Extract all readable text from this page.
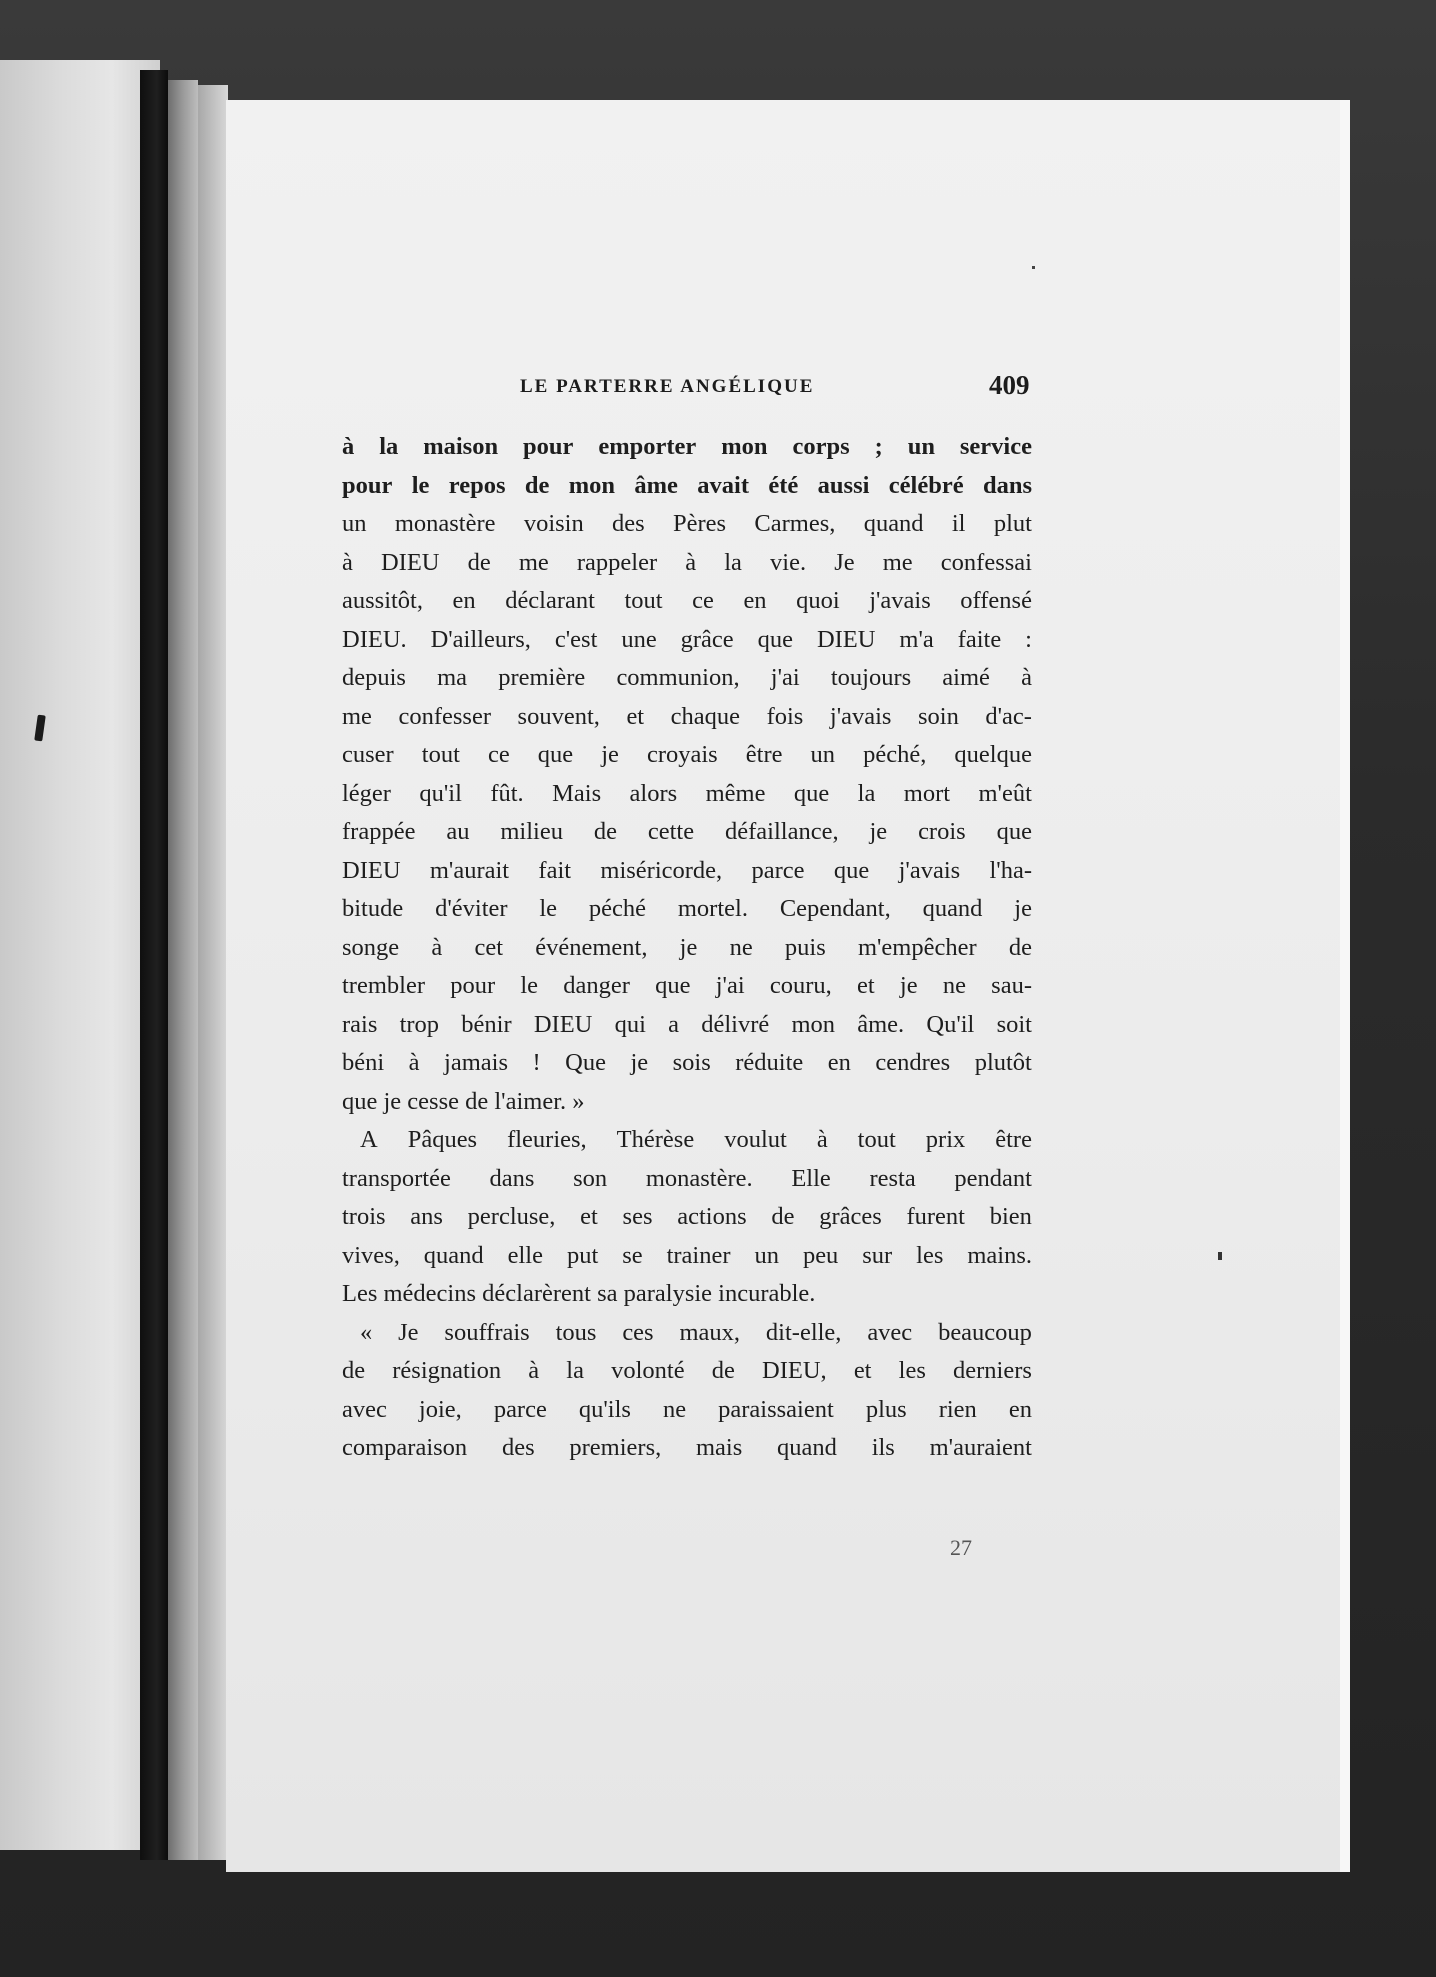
LE PARTERRE ANGÉLIQUE	409
à la maison pour emporter mon corps ; un service
pour le repos de mon âme avait été aussi célébré dans
un monastère voisin des Pères Carmes, quand il plut
à DIEU de me rappeler à la vie. Je me confessai
aussitôt, en déclarant tout ce en quoi j'avais offensé
DIEU. D'ailleurs, c'est une grâce que DIEU m'a faite :
depuis ma première communion, j'ai toujours aimé à
me confesser souvent, et chaque fois j'avais soin d'ac-
cuser tout ce que je croyais être un péché, quelque
léger qu'il fût. Mais alors même que la mort m'eût
frappée au milieu de cette défaillance, je crois que
DIEU m'aurait fait miséricorde, parce que j'avais l'ha-
bitude d'éviter le péché mortel. Cependant, quand je
songe à cet événement, je ne puis m'empêcher de
trembler pour le danger que j'ai couru, et je ne sau-
rais trop bénir DIEU qui a délivré mon âme. Qu'il soit
béni à jamais ! Que je sois réduite en cendres plutôt
que je cesse de l'aimer. »
A Pâques fleuries, Thérèse voulut à tout prix être
transportée dans son monastère. Elle resta pendant
trois ans percluse, et ses actions de grâces furent bien
vives, quand elle put se trainer un peu sur les mains.
Les médecins déclarèrent sa paralysie incurable.
« Je souffrais tous ces maux, dit-elle, avec beaucoup
de résignation à la volonté de DIEU, et les derniers
avec joie, parce qu'ils ne paraissaient plus rien en
comparaison des premiers, mais quand ils m'auraient
27
